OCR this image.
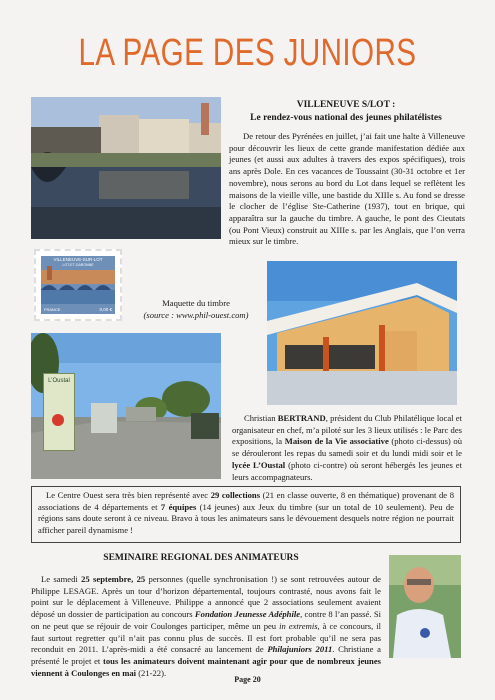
LA PAGE DES JUNIORS
VILLENEUVE S/LOT :
Le rendez-vous national des jeunes philatélistes

De retour des Pyrénées en juillet, j’ai fait une halte à Villeneuve pour découvrir les lieux de cette grande manifestation dédiée aux jeunes (et aussi aux adultes à travers des expos spécifiques), trois ans après Dole. En ces vacances de Toussaint (30-31 octobre et 1er novembre), nous serons au bord du Lot dans lequel se reflètent les maisons de la vieille ville, une bastide du XIIIe s. Au fond se dresse le clocher de l’église Ste-Catherine (1937), tout en brique, qui apparaîtra sur la gauche du timbre. A gauche, le pont des Cieutats (ou Pont Vieux) construit au XIIIe s. par les Anglais, que l’on verra mieux sur le timbre.

VILLENEUVE-SUR-LOT
LOT-ET-GARONNE
FRANCE	0,00 €
Maquette du timbre
(source : www.phil-ouest.com)
L’Oustal

Christian BERTRAND, président du Club Philatélique local et organisateur en chef, m’a piloté sur les 3 lieux utilisés : le Parc des expositions, la Maison de la Vie associative (photo ci-dessus) où se dérouleront les repas du samedi soir et du lundi midi soir et le lycée L’Oustal (photo ci-contre) où seront hébergés les jeunes et leurs accompagnateurs.

Le Centre Ouest sera très bien représenté avec 29 collections (21 en classe ouverte, 8 en thématique) provenant de 8 associations de 4 départements et 7 équipes (14 jeunes) aux Jeux du timbre (sur un total de 10 seulement). Peu de régions sans doute seront à ce niveau. Bravo à tous les animateurs sans le dévouement desquels notre région ne pourrait afficher pareil dynamisme !

SEMINAIRE REGIONAL DES ANIMATEURS

Le samedi 25 septembre, 25 personnes (quelle synchronisation !) se sont retrouvées autour de Philippe LESAGE. Après un tour d’horizon départemental, toujours contrasté, nous avons fait le point sur le déplacement à Villeneuve. Philippe a annoncé que 2 associations seulement avaient déposé un dossier de participation au concours Fondation Jeunesse Adéphile, contre 8 l’an passé. Si on ne peut que se réjouir de voir Coulonges participer, même un peu in extremis, à ce concours, il faut surtout regretter qu’il n’ait pas connu plus de succès. Il est fort probable qu’il ne sera pas reconduit en 2011. L’après-midi a été consacré au lancement de Philajuniors 2011. Christiane a présenté le projet et tous les animateurs doivent maintenant agir pour que de nombreux jeunes viennent à Coulonges en mai (21-22).

Page 20
